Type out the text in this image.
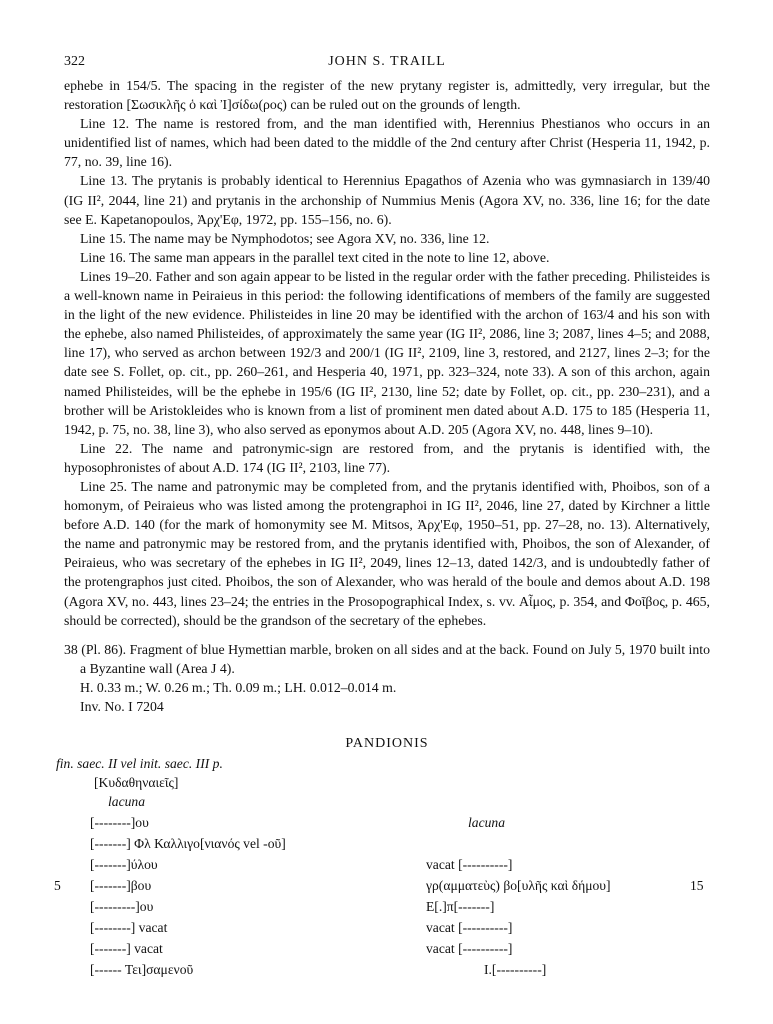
322	JOHN S. TRAILL

ephebe in 154/5. The spacing in the register of the new prytany register is, admittedly, very irregular, but the restoration [Σωσικλῆς ὁ καὶ Ἰ]σίδω(ρος) can be ruled out on the grounds of length.

Line 12. The name is restored from, and the man identified with, Herennius Phestianos who occurs in an unidentified list of names, which had been dated to the middle of the 2nd century after Christ (Hesperia 11, 1942, p. 77, no. 39, line 16).

Line 13. The prytanis is probably identical to Herennius Epagathos of Azenia who was gymnasiarch in 139/40 (IG II², 2044, line 21) and prytanis in the archonship of Nummius Menis (Agora XV, no. 336, line 16; for the date see E. Kapetanopoulos, Ἀρχ'Εφ, 1972, pp. 155–156, no. 6).

Line 15. The name may be Nymphodotos; see Agora XV, no. 336, line 12.

Line 16. The same man appears in the parallel text cited in the note to line 12, above.

Lines 19–20. Father and son again appear to be listed in the regular order with the father preceding. Philisteides is a well-known name in Peiraieus in this period: the following identifications of members of the family are suggested in the light of the new evidence. Philisteides in line 20 may be identified with the archon of 163/4 and his son with the ephebe, also named Philisteides, of approximately the same year (IG II², 2086, line 3; 2087, lines 4–5; and 2088, line 17), who served as archon between 192/3 and 200/1 (IG II², 2109, line 3, restored, and 2127, lines 2–3; for the date see S. Follet, op. cit., pp. 260–261, and Hesperia 40, 1971, pp. 323–324, note 33). A son of this archon, again named Philisteides, will be the ephebe in 195/6 (IG II², 2130, line 52; date by Follet, op. cit., pp. 230–231), and a brother will be Aristokleides who is known from a list of prominent men dated about A.D. 175 to 185 (Hesperia 11, 1942, p. 75, no. 38, line 3), who also served as eponymos about A.D. 205 (Agora XV, no. 448, lines 9–10).

Line 22. The name and patronymic-sign are restored from, and the prytanis is identified with, the hyposophronistes of about A.D. 174 (IG II², 2103, line 77).

Line 25. The name and patronymic may be completed from, and the prytanis identified with, Phoibos, son of a homonym, of Peiraieus who was listed among the protengraphoi in IG II², 2046, line 27, dated by Kirchner a little before A.D. 140 (for the mark of homonymity see M. Mitsos, Ἀρχ'Εφ, 1950–51, pp. 27–28, no. 13). Alternatively, the name and patronymic may be restored from, and the prytanis identified with, Phoibos, the son of Alexander, of Peiraieus, who was secretary of the ephebes in IG II², 2049, lines 12–13, dated 142/3, and is undoubtedly father of the protengraphos just cited. Phoibos, the son of Alexander, who was herald of the boule and demos about A.D. 198 (Agora XV, no. 443, lines 23–24; the entries in the Prosopographical Index, s. vv. Αἶμος, p. 354, and Φοῖβος, p. 465, should be corrected), should be the grandson of the secretary of the ephebes.

38 (Pl. 86). Fragment of blue Hymettian marble, broken on all sides and at the back. Found on July 5, 1970 built into a Byzantine wall (Area J 4).

H. 0.33 m.; W. 0.26 m.; Th. 0.09 m.; LH. 0.012–0.014 m.
Inv. No. I 7204
PANDIONIS
fin. saec. II vel init. saec. III p.
[Κυδαθηναιεῖς]
lacuna
[--------]ου
[-------] Φλ Καλλιγο[νιανός vel -οῦ]
[-------]ύλου
5 [-------]βου
[---------]ου
[--------] vacat
[-------] vacat
[------ Τει]σαμενοῦ
lacuna
vacat [----------]
γρ(αμματεὺς) βο[υλῆς καὶ δήμου]	15
Ε[.]π[-------]
vacat [----------]
vacat [----------]
Ι.[----------]
